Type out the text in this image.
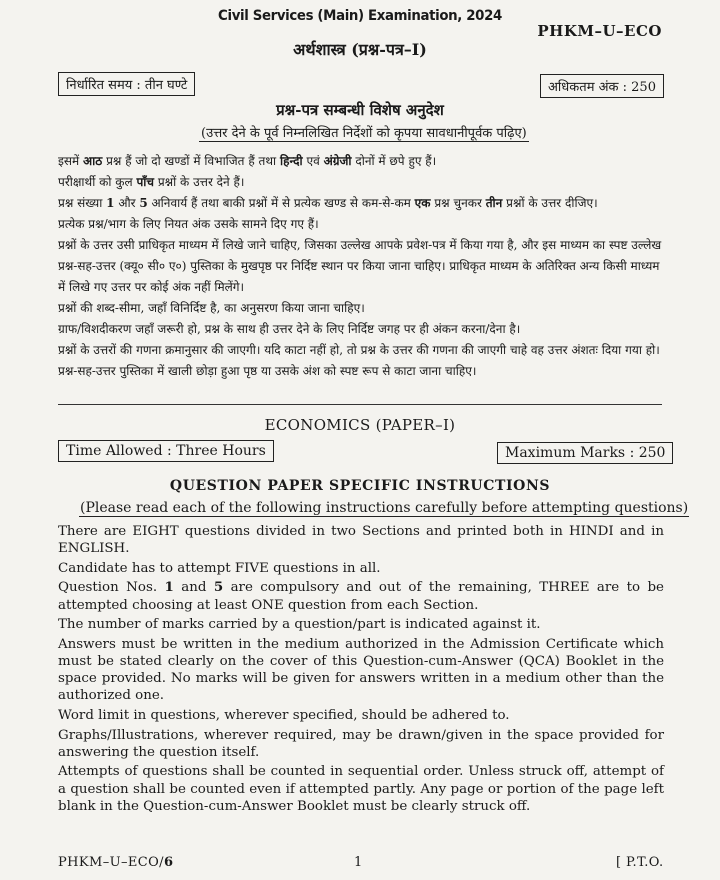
Civil Services (Main) Examination, 2024
PHKM–U–ECO
अर्थशास्त्र (प्रश्न-पत्र–I)
निर्धारित समय : तीन घण्टे	अधिकतम अंक : 250
प्रश्न-पत्र सम्बन्धी विशेष अनुदेश
(उत्तर देने के पूर्व निम्नलिखित निर्देशों को कृपया सावधानीपूर्वक पढ़िए)

इसमें आठ प्रश्न हैं जो दो खण्डों में विभाजित हैं तथा हिन्दी एवं अंग्रेजी दोनों में छपे हुए हैं।

परीक्षार्थी को कुल पाँच प्रश्नों के उत्तर देने हैं।

प्रश्न संख्या 1 और 5 अनिवार्य हैं तथा बाकी प्रश्नों में से प्रत्येक खण्ड से कम-से-कम एक प्रश्न चुनकर तीन प्रश्नों के उत्तर दीजिए।

प्रत्येक प्रश्न/भाग के लिए नियत अंक उसके सामने दिए गए हैं।

प्रश्नों के उत्तर उसी प्राधिकृत माध्यम में लिखे जाने चाहिए, जिसका उल्लेख आपके प्रवेश-पत्र में किया गया है, और इस माध्यम का स्पष्ट उल्लेख प्रश्न-सह-उत्तर (क्यू० सी० ए०) पुस्तिका के मुखपृष्ठ पर निर्दिष्ट स्थान पर किया जाना चाहिए। प्राधिकृत माध्यम के अतिरिक्त अन्य किसी माध्यम में लिखे गए उत्तर पर कोई अंक नहीं मिलेंगे।

प्रश्नों की शब्द-सीमा, जहाँ विनिर्दिष्ट है, का अनुसरण किया जाना चाहिए।

ग्राफ/विशदीकरण जहाँ जरूरी हो, प्रश्न के साथ ही उत्तर देने के लिए निर्दिष्ट जगह पर ही अंकन करना/देना है।

प्रश्नों के उत्तरों की गणना क्रमानुसार की जाएगी। यदि काटा नहीं हो, तो प्रश्न के उत्तर की गणना की जाएगी चाहे वह उत्तर अंशतः दिया गया हो। प्रश्न-सह-उत्तर पुस्तिका में खाली छोड़ा हुआ पृष्ठ या उसके अंश को स्पष्ट रूप से काटा जाना चाहिए।

ECONOMICS (PAPER–I)
Time Allowed : Three Hours	Maximum Marks : 250
QUESTION PAPER SPECIFIC INSTRUCTIONS
(Please read each of the following instructions carefully before attempting questions)

There are EIGHT questions divided in two Sections and printed both in HINDI and in ENGLISH.

Candidate has to attempt FIVE questions in all.

Question Nos. 1 and 5 are compulsory and out of the remaining, THREE are to be attempted choosing at least ONE question from each Section.

The number of marks carried by a question/part is indicated against it.

Answers must be written in the medium authorized in the Admission Certificate which must be stated clearly on the cover of this Question-cum-Answer (QCA) Booklet in the space provided. No marks will be given for answers written in a medium other than the authorized one.

Word limit in questions, wherever specified, should be adhered to.

Graphs/Illustrations, wherever required, may be drawn/given in the space provided for answering the question itself.

Attempts of questions shall be counted in sequential order. Unless struck off, attempt of a question shall be counted even if attempted partly. Any page or portion of the page left blank in the Question-cum-Answer Booklet must be clearly struck off.

PHKM–U–ECO/6	1	[ P.T.O.
